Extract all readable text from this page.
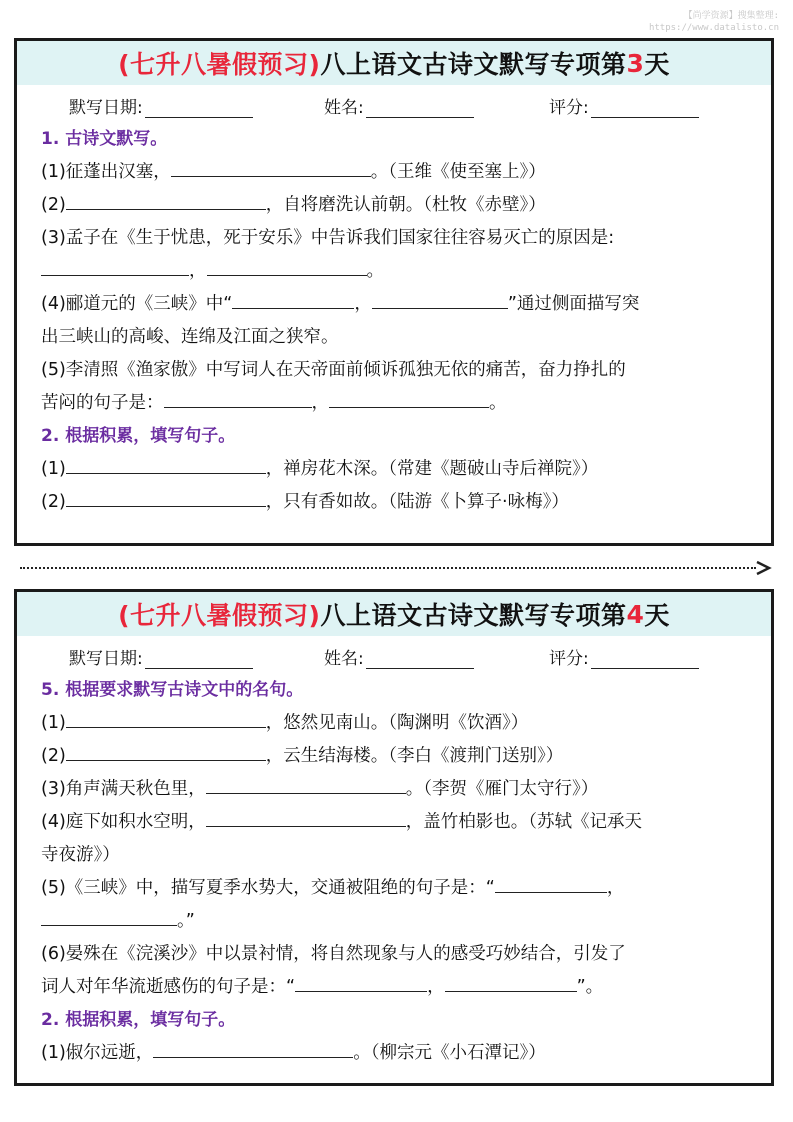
【尚学资源】搜集整理:
https://www.datalisto.cn
(七升八暑假预习) 八上语文古诗文默写专项第 3 天
默写日期:	姓名:	评分:
1. 古诗文默写。
(1)征蓬出汉塞，	。（王维《使至塞上》）
(2)	，自将磨洗认前朝。（杜牧《赤壁》）
(3)孟子在《生于忧患，死于安乐》中告诉我们国家往往容易灭亡的原因是:
，	。
(4)郦道元的《三峡》中“	，	”通过侧面描写突
出三峡山的高峻、连绵及江面之狭窄。
(5)李清照《渔家傲》中写词人在天帝面前倾诉孤独无依的痛苦，奋力挣扎的
苦闷的句子是：	，	。
2. 根据积累，填写句子。
(1)	，禅房花木深。（常建《题破山寺后禅院》）
(2)	，只有香如故。（陆游《卜算子·咏梅》）
(七升八暑假预习) 八上语文古诗文默写专项第 4 天
默写日期:	姓名:	评分:
5. 根据要求默写古诗文中的名句。
(1)	，悠然见南山。（陶渊明《饮酒》）
(2)	，云生结海楼。（李白《渡荆门送别》）
(3)角声满天秋色里，	。（李贺《雁门太守行》）
(4)庭下如积水空明，	，盖竹柏影也。（苏轼《记承天
寺夜游》）
(5)《三峡》中，描写夏季水势大，交通被阻绝的句子是：“	，
。”
(6)晏殊在《浣溪沙》中以景衬情，将自然现象与人的感受巧妙结合，引发了
词人对年华流逝感伤的句子是：“	，	”。
2. 根据积累，填写句子。
(1)俶尔远逝，	。（柳宗元《小石潭记》）
